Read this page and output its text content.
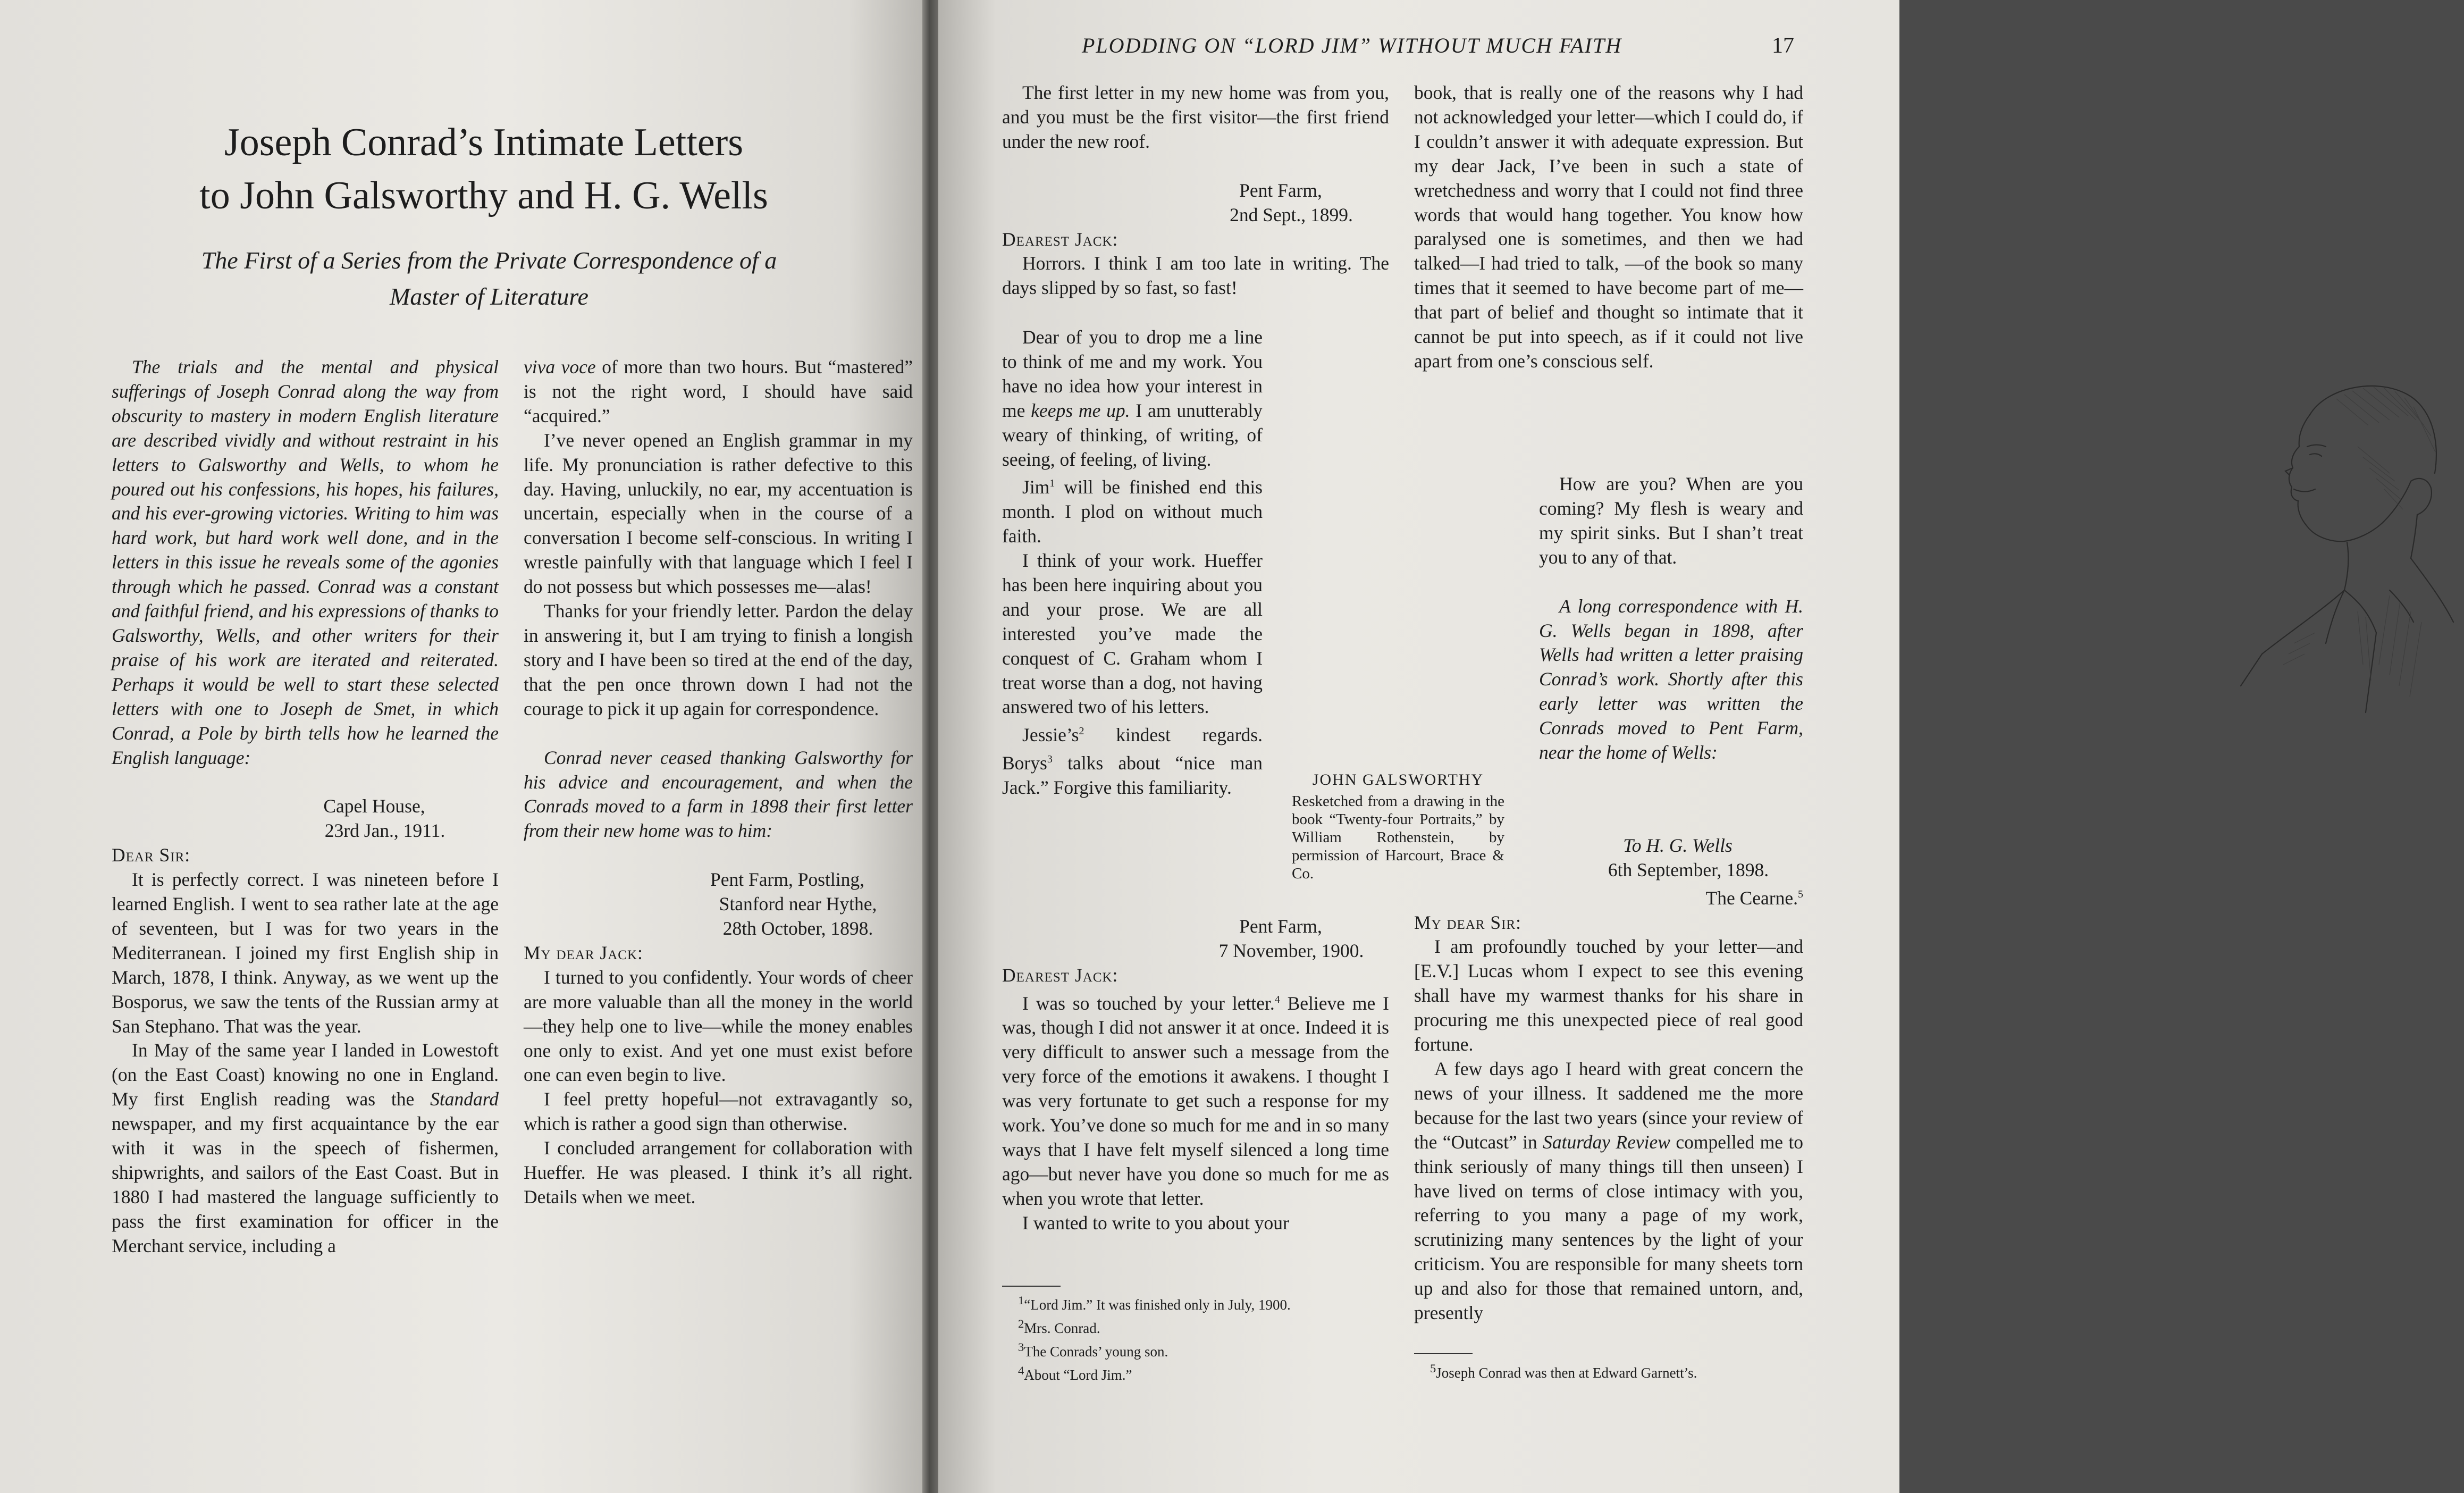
Joseph Conrad’s Intimate Letters
to John Galsworthy and H. G. Wells
The First of a Series from the Private Correspondence of a
Master of Literature

The trials and the mental and physical sufferings of Joseph Conrad along the way from obscurity to mastery in modern English literature are described vividly and without restraint in his letters to Galsworthy and Wells, to whom he poured out his confessions, his hopes, his failures, and his ever-growing victories. Writing to him was hard work, but hard work well done, and in the letters in this issue he reveals some of the agonies through which he passed. Conrad was a constant and faithful friend, and his expressions of thanks to Galsworthy, Wells, and other writers for their praise of his work are iterated and reiterated. Perhaps it would be well to start these selected letters with one to Joseph de Smet, in which Conrad, a Pole by birth tells how he learned the English language:

Capel House,

23rd Jan., 1911.

Dear Sir:

It is perfectly correct. I was nineteen before I learned English. I went to sea rather late at the age of seventeen, but I was for two years in the Mediterranean. I joined my first English ship in March, 1878, I think. Anyway, as we went up the Bosporus, we saw the tents of the Russian army at San Stephano. That was the year.

In May of the same year I landed in Lowestoft (on the East Coast) knowing no one in England. My first English reading was the Standard newspaper, and my first acquaintance by the ear with it was in the speech of fishermen, shipwrights, and sailors of the East Coast. But in 1880 I had mastered the language sufficiently to pass the first examination for officer in the Merchant service, including a

viva voce of more than two hours. But “mastered” is not the right word, I should have said “acquired.”

I’ve never opened an English grammar in my life. My pronunciation is rather defective to this day. Having, unluckily, no ear, my accentuation is uncertain, especially when in the course of a conversation I become self-conscious. In writing I wrestle painfully with that language which I feel I do not possess but which possesses me—alas!

Thanks for your friendly letter. Pardon the delay in answering it, but I am trying to finish a longish story and I have been so tired at the end of the day, that the pen once thrown down I had not the courage to pick it up again for correspondence.

Conrad never ceased thanking Galsworthy for his advice and encouragement, and when the Conrads moved to a farm in 1898 their first letter from their new home was to him:

Pent Farm, Postling,

Stanford near Hythe,

28th October, 1898.

My dear Jack:

I turned to you confidently. Your words of cheer are more valuable than all the money in the world—they help one to live—while the money enables one only to exist. And yet one must exist before one can even begin to live.

I feel pretty hopeful—not extravagantly so, which is rather a good sign than otherwise.

I concluded arrangement for collaboration with Hueffer. He was pleased. I think it’s all right. Details when we meet.

PLODDING ON “LORD JIM” WITHOUT MUCH FAITH	17

The first letter in my new home was from you, and you must be the first visitor—the first friend under the new roof.

Pent Farm,

2nd Sept., 1899.

Dearest Jack:

Horrors. I think I am too late in writing. The days slipped by so fast, so fast!

Dear of you to drop me a line to think of me and my work. You have no idea how your interest in me keeps me up. I am unutterably weary of thinking, of writing, of seeing, of feeling, of living.

Jim$^1$ will be finished end this month. I plod on without much faith.

I think of your work. Hueffer has been here inquiring about you and your prose. We are all interested you’ve made the conquest of C. Graham whom I treat worse than a dog, not having answered two of his letters.

$Jessie’s^2$ kindest regards. Borys$^3$ talks about “nice man Jack.” Forgive this familiarity.	JOHN GALSWORTHY
Resketched from a drawing in the book “Twenty-four Portraits,” by William Rothenstein, by permission of Harcourt, Brace & Co.

Pent Farm,

7 November, 1900.

Dearest Jack:

I was so touched by your letter.$^4$ Believe me I was, though I did not answer it at once. Indeed it is very difficult to answer such a message from the very force of the emotions it awakens. I thought I was very fortunate to get such a response for my work. You’ve done so much for me and in so many ways that I have felt myself silenced a long time ago—but never have you done so much for me as when you wrote that letter.

I wanted to write to you about your

$^1$“Lord Jim.” It was finished only in July, 1900.
$^2$Mrs. Conrad.
$^3$The Conrads’ young son.
$^4$About “Lord Jim.”

book, that is really one of the reasons why I had not acknowledged your letter—which I could do, if I couldn’t answer it with adequate expression. But my dear Jack, I’ve been in such a state of wretchedness and worry that I could not find three words that would hang together. You know how paralysed one is sometimes, and then we had talked—I had tried to talk, —of the book so many times that it seemed to have become part of me—that part of belief and thought so intimate that it cannot be put into speech, as if it could not live apart from one’s conscious self.

How are you? When are you coming? My flesh is weary and my spirit sinks. But I shan’t treat you to any of that.

A long correspondence with H. G. Wells began in 1898, after Wells had written a letter praising Conrad’s work. Shortly after this early letter was written the Conrads moved to Pent Farm, near the home of Wells:

To H. G. Wells

6th September, 1898.

The Cearne.$^5$

My dear Sir:

I am profoundly touched by your letter—and [E.V.] Lucas whom I expect to see this evening shall have my warmest thanks for his share in procuring me this unexpected piece of real good fortune.

A few days ago I heard with great concern the news of your illness. It saddened me the more because for the last two years (since your review of the “Outcast” in Saturday Review compelled me to think seriously of many things till then unseen) I have lived on terms of close intimacy with you, referring to you many a page of my work, scrutinizing many sentences by the light of your criticism. You are responsible for many sheets torn up and also for those that remained untorn, and, presently

$^5$Joseph Conrad was then at Edward Garnett’s.
